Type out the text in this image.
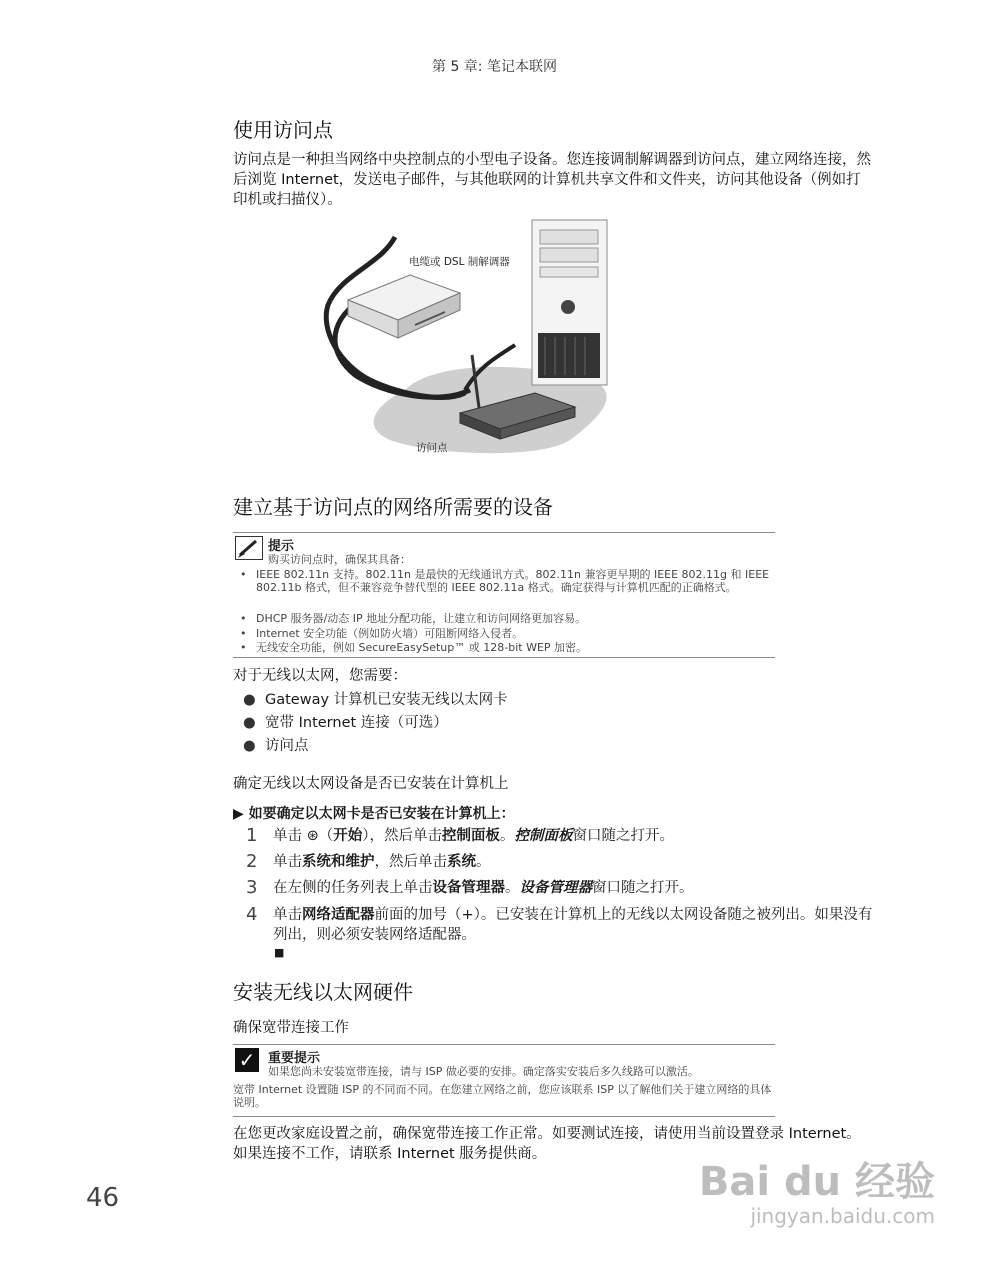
第 5 章: 笔记本联网
使用访问点
访问点是一种担当网络中央控制点的小型电子设备。您连接调制解调器到访问点，建立网络连接，然后浏览 Internet，发送电子邮件，与其他联网的计算机共享文件和文件夹，访问其他设备（例如打印机或扫描仪）。
电缆或 DSL 制解调器
访问点
建立基于访问点的网络所需要的设备
提示
购买访问点时，确保其具备：
• IEEE 802.11n 支持。802.11n 是最快的无线通讯方式。802.11n 兼容更早期的 IEEE 802.11g 和 IEEE 802.11b 格式，但不兼容竞争替代型的 IEEE 802.11a 格式。确定获得与计算机匹配的正确格式。
• DHCP 服务器/动态 IP 地址分配功能，让建立和访问网络更加容易。
• Internet 安全功能（例如防火墙）可阻断网络入侵者。
• 无线安全功能，例如 SecureEasySetup™ 或 128-bit WEP 加密。
对于无线以太网，您需要：
● Gateway 计算机已安装无线以太网卡
● 宽带 Internet 连接（可选）
● 访问点
确定无线以太网设备是否已安装在计算机上
▶ 如要确定以太网卡是否已安装在计算机上：
1 单击 ⊛（开始），然后单击控制面板。控制面板窗口随之打开。
2 单击系统和维护，然后单击系统。
3 在左侧的任务列表上单击设备管理器。设备管理器窗口随之打开。
4 单击网络适配器前面的加号（+）。已安装在计算机上的无线以太网设备随之被列出。如果没有列出，则必须安装网络适配器。
■
安装无线以太网硬件
确保宽带连接工作
✓ 重要提示
如果您尚未安装宽带连接，请与 ISP 做必要的安排。确定落实安装后多久线路可以激活。
宽带 Internet 设置随 ISP 的不同而不同。在您建立网络之前，您应该联系 ISP 以了解他们关于建立网络的具体说明。
在您更改家庭设置之前，确保宽带连接工作正常。如要测试连接，请使用当前设置登录 Internet。如果连接不工作，请联系 Internet 服务提供商。
46	Bai du 经验
jingyan.baidu.com
